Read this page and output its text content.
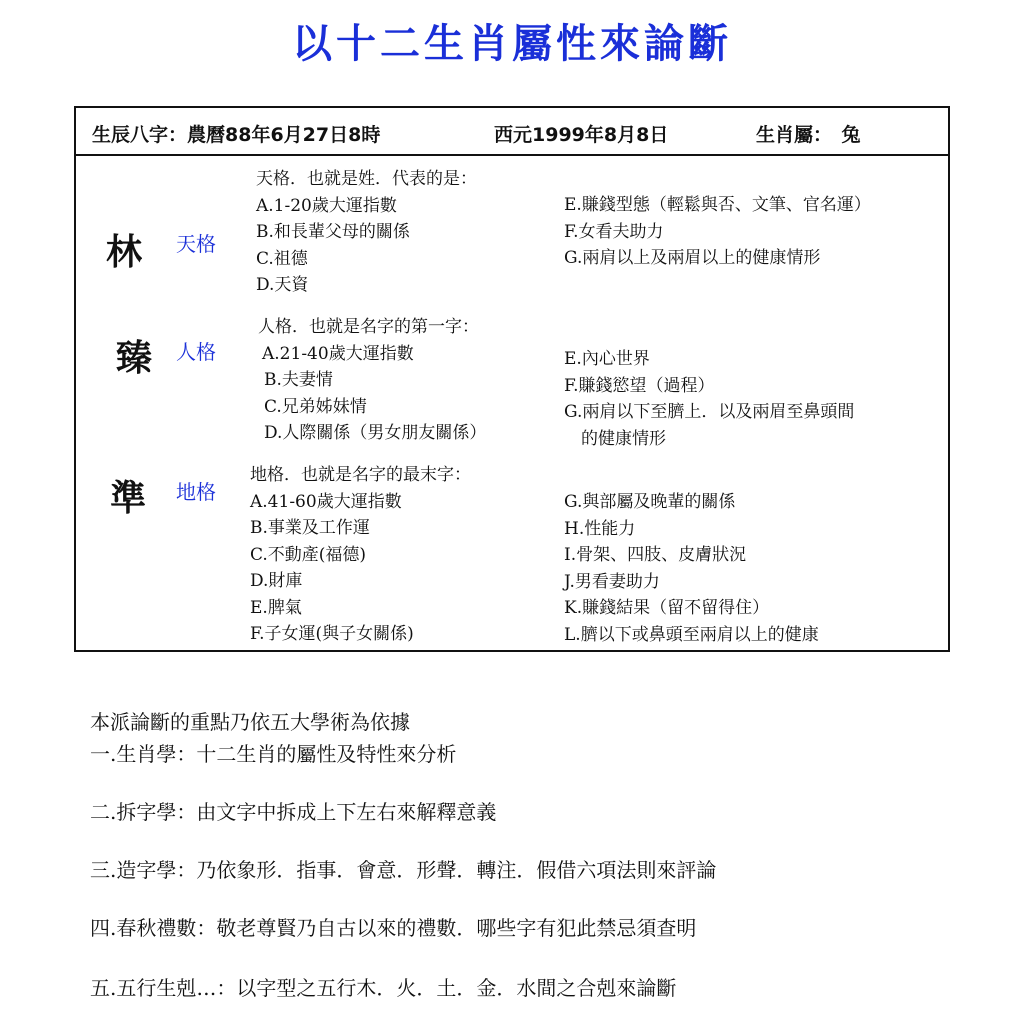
以十二生肖屬性來論斷
生辰八字：農曆88年6月27日8時	西元1999年8月8日	生肖屬：　兔
林
臻
準
天格
人格
地格
天格．也就是姓．代表的是：
A.1-20歲大運指數
B.和長輩父母的關係
C.祖德
D.天資
E.賺錢型態（輕鬆與否、文筆、官名運）
F.女看夫助力
G.兩肩以上及兩眉以上的健康情形
人格．也就是名字的第一字：
A.21-40歲大運指數
B.夫妻情
C.兄弟姊妹情
D.人際關係（男女朋友關係）
E.內心世界
F.賺錢慾望（過程）
G.兩肩以下至臍上．以及兩眉至鼻頭間
　的健康情形
地格．也就是名字的最末字：
A.41-60歲大運指數
B.事業及工作運
C.不動產(福德)
D.財庫
E.脾氣
F.子女運(與子女關係)
G.與部屬及晚輩的關係
H.性能力
I.骨架、四肢、皮膚狀況
J.男看妻助力
K.賺錢結果（留不留得住）
L.臍以下或鼻頭至兩肩以上的健康
本派論斷的重點乃依五大學術為依據
一.生肖學：十二生肖的屬性及特性來分析
二.拆字學：由文字中拆成上下左右來解釋意義
三.造字學：乃依象形．指事．會意．形聲．轉注．假借六項法則來評論
四.春秋禮數：敬老尊賢乃自古以來的禮數．哪些字有犯此禁忌須查明
五.五行生剋…：以字型之五行木．火．土．金．水間之合剋來論斷
